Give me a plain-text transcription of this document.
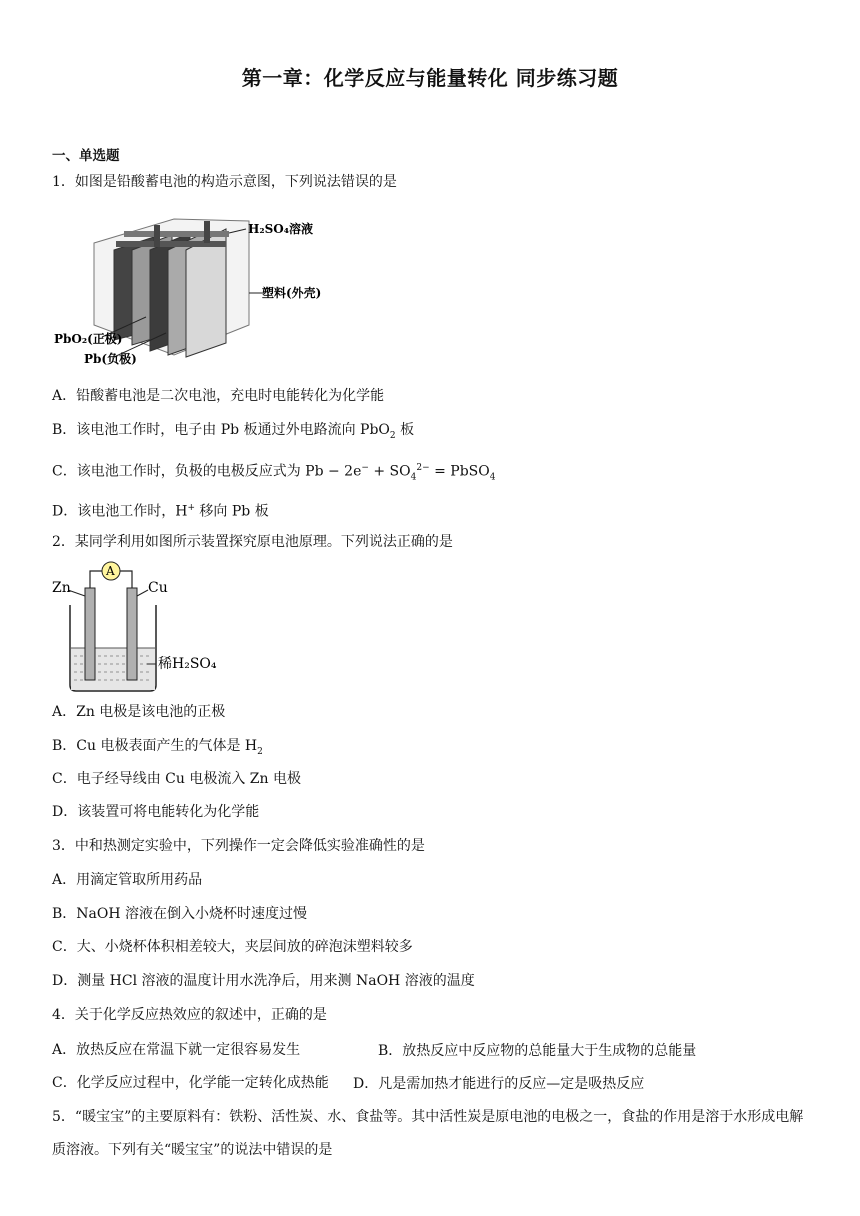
第一章：化学反应与能量转化 同步练习题
一、单选题
1．如图是铅酸蓄电池的构造示意图，下列说法错误的是
H₂SO₄溶液
塑料(外壳)
PbO₂(正极)
Pb(负极)
A．铅酸蓄电池是二次电池，充电时电能转化为化学能
B．该电池工作时，电子由 Pb 板通过外电路流向 PbO$_2$ 板
C．该电池工作时，负极的电极反应式为 $Pb - 2e^- + SO_4^{2-}$ = PbSO$_4$
D．该电池工作时，H+ 移向 Pb 板
2．某同学利用如图所示装置探究原电池原理。下列说法正确的是
A
Zn	Cu
稀H₂SO₄
A．Zn 电极是该电池的正极
B．Cu 电极表面产生的气体是 $H_2$
C．电子经导线由 Cu 电极流入 Zn 电极
D．该装置可将电能转化为化学能
3．中和热测定实验中，下列操作一定会降低实验准确性的是
A．用滴定管取所用药品
B．NaOH 溶液在倒入小烧杯时速度过慢
C．大、小烧杯体积相差较大，夹层间放的碎泡沫塑料较多
D．测量 HCl 溶液的温度计用水洗净后，用来测 NaOH 溶液的温度
4．关于化学反应热效应的叙述中，正确的是
A．放热反应在常温下就一定很容易发生	B．放热反应中反应物的总能量大于生成物的总能量
C．化学反应过程中，化学能一定转化成热能 D．凡是需加热才能进行的反应—定是吸热反应
5．“暖宝宝”的主要原料有：铁粉、活性炭、水、食盐等。其中活性炭是原电池的电极之一，食盐的作用是溶于水形成电解质溶液。下列有关“暖宝宝”的说法中错误的是
